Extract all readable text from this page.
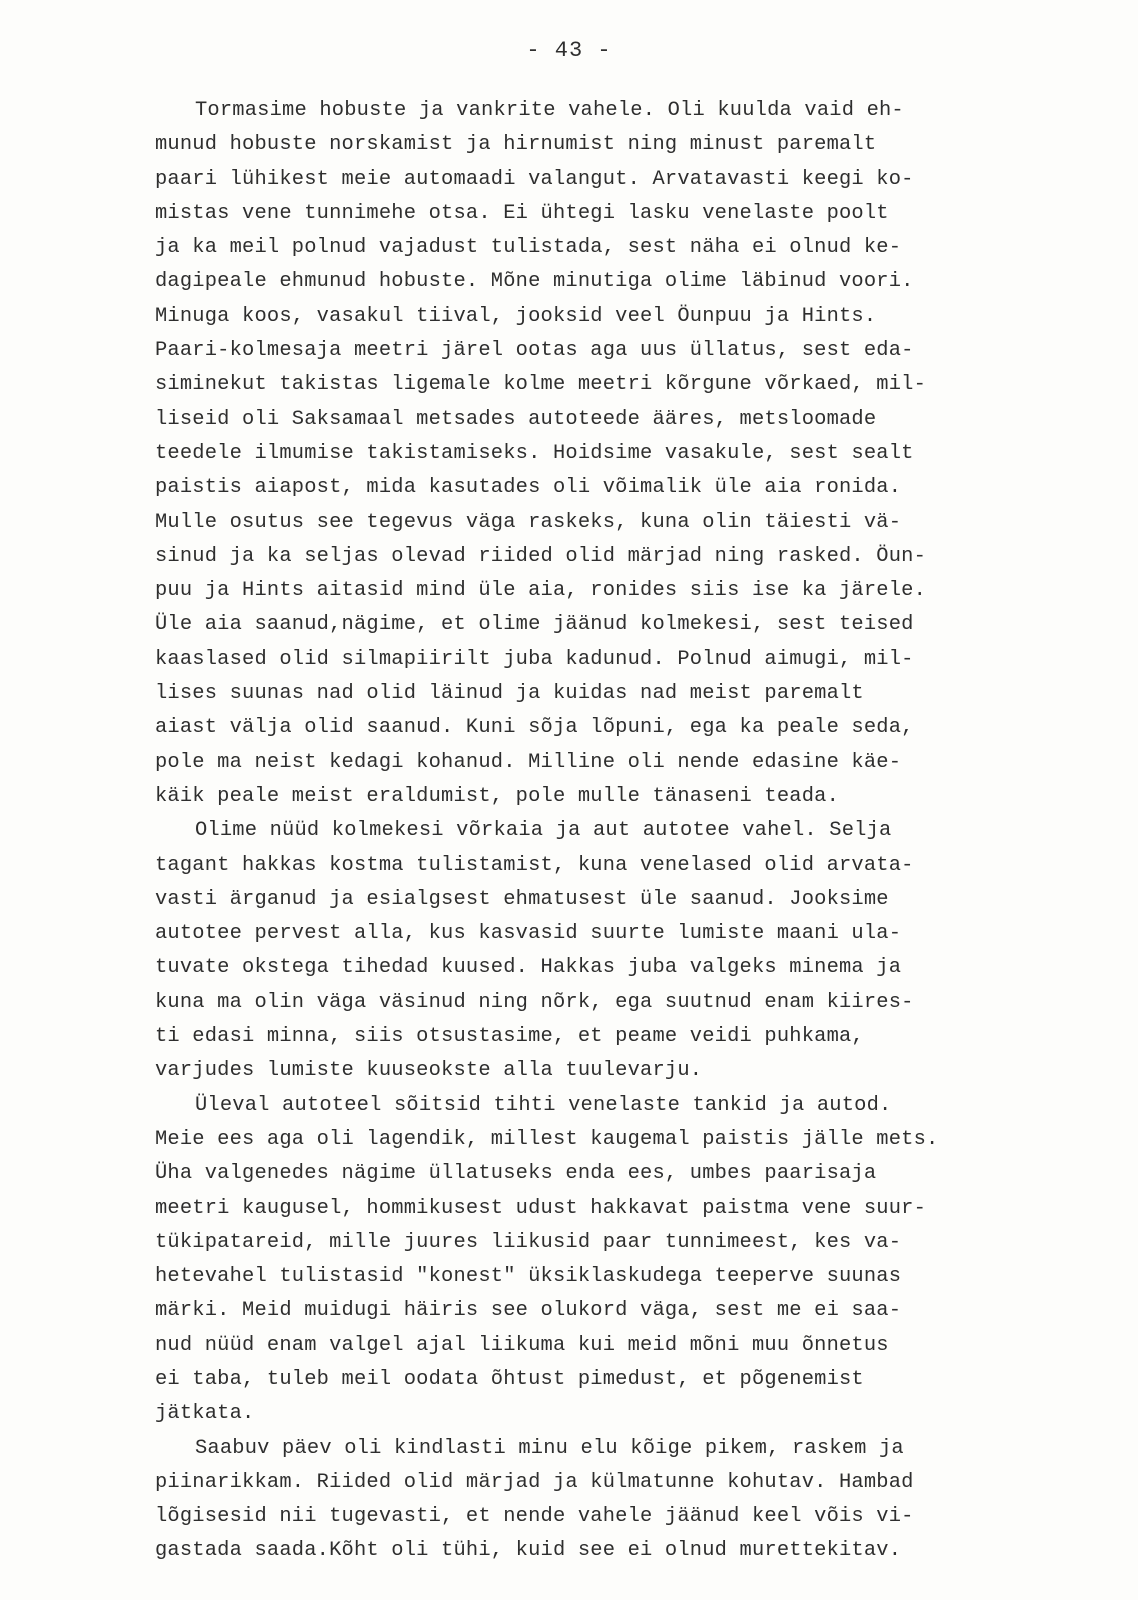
- 43 -
Tormasime hobuste ja vankrite vahele. Oli kuulda vaid eh-
munud hobuste norskamist ja hirnumist ning minust paremalt
paari lühikest meie automaadi valangut. Arvatavasti keegi ko-
mistas vene tunnimehe otsa. Ei ühtegi lasku venelaste poolt
ja ka meil polnud vajadust tulistada, sest näha ei olnud ke-
dagipeale ehmunud hobuste. Mõne minutiga olime läbinud voori.
Minuga koos, vasakul tiival, jooksid veel Öunpuu ja Hints.
Paari-kolmesaja meetri järel ootas aga uus üllatus, sest eda-
siminekut takistas ligemale kolme meetri kõrgune võrkaed, mil-
liseid oli Saksamaal metsades autoteede ääres, metsloomade
teedele ilmumise takistamiseks. Hoidsime vasakule, sest sealt
paistis aiapost, mida kasutades oli võimalik üle aia ronida.
Mulle osutus see tegevus väga raskeks, kuna olin täiesti vä-
sinud ja ka seljas olevad riided olid märjad ning rasked. Öun-
puu ja Hints aitasid mind üle aia, ronides siis ise ka järele.
Üle aia saanud,nägime, et olime jäänud kolmekesi, sest teised
kaaslased olid silmapiirilt juba kadunud. Polnud aimugi, mil-
lises suunas nad olid läinud ja kuidas nad meist paremalt
aiast välja olid saanud. Kuni sõja lõpuni, ega ka peale seda,
pole ma neist kedagi kohanud. Milline oli nende edasine käe-
käik peale meist eraldumist, pole mulle tänaseni teada.
Olime nüüd kolmekesi võrkaia ja aut autotee vahel. Selja
tagant hakkas kostma tulistamist, kuna venelased olid arvata-
vasti ärganud ja esialgsest ehmatusest üle saanud. Jooksime
autotee pervest alla, kus kasvasid suurte lumiste maani ula-
tuvate okstega tihedad kuused. Hakkas juba valgeks minema ja
kuna ma olin väga väsinud ning nõrk, ega suutnud enam kiires-
ti edasi minna, siis otsustasime, et peame veidi puhkama,
varjudes lumiste kuuseokste alla tuulevarju.
Üleval autoteel sõitsid tihti venelaste tankid ja autod.
Meie ees aga oli lagendik, millest kaugemal paistis jälle mets.
Üha valgenedes nägime üllatuseks enda ees, umbes paarisaja
meetri kaugusel, hommikusest udust hakkavat paistma vene suur-
tükipatareid, mille juures liikusid paar tunnimeest, kes va-
hetevahel tulistasid "konest" üksiklaskudega teeperve suunas
märki. Meid muidugi häiris see olukord väga, sest me ei saa-
nud nüüd enam valgel ajal liikuma kui meid mõni muu õnnetus
ei taba, tuleb meil oodata õhtust pimedust, et põgenemist
jätkata.
Saabuv päev oli kindlasti minu elu kõige pikem, raskem ja
piinarikkam. Riided olid märjad ja külmatunne kohutav. Hambad
lõgisesid nii tugevasti, et nende vahele jäänud keel võis vi-
gastada saada.Kõht oli tühi, kuid see ei olnud murettekitav.
